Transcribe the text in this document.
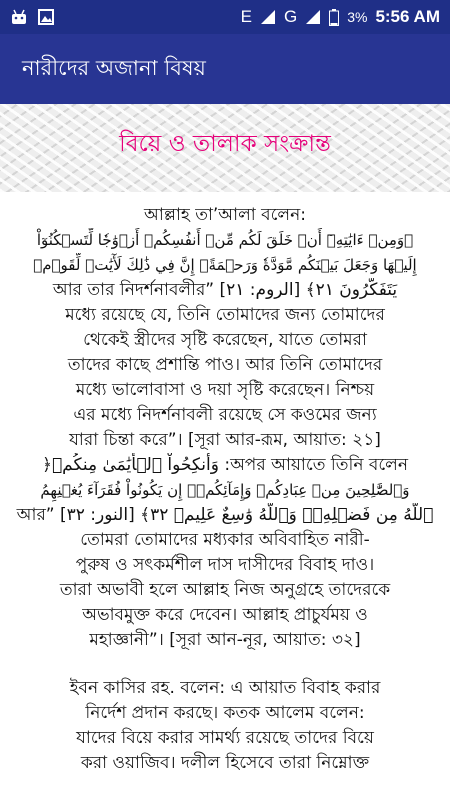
E G	3% 5:56 AM
নারীদের অজানা বিষয়
বিয়ে ও তালাক সংক্রান্ত
আল্লাহ তা’আলা বলেন:
﴿وَمِنۡ ءَايَٰتِهِۦٓ أَنۡ خَلَقَ لَكُم مِّنۡ أَنفُسِكُمۡ أَزۡوَٰجٗا لِّتَسۡكُنُوٓاْ
إِلَيۡهَا وَجَعَلَ بَيۡنَكُم مَّوَدَّةٗ وَرَحۡمَةًۚ إِنَّ فِي ذَٰلِكَ لَأٓيَٰتٖ لِّقَوۡمٖ
আর তার নিদর্শনাবলীর” [الروم: ٢١] ﴾يَتَفَكَّرُونَ ٢١
মধ্যে রয়েছে যে, তিনি তোমাদের জন্য তোমাদের
থেকেই স্ত্রীদের সৃষ্টি করেছেন, যাতে তোমরা
তাদের কাছে প্রশান্তি পাও। আর তিনি তোমাদের
মধ্যে ভালোবাসা ও দয়া সৃষ্টি করেছেন। নিশ্চয়
এর মধ্যে নিদর্শনাবলী রয়েছে সে কওমের জন্য
যারা চিন্তা করে”। [সূরা আর-রূম, আয়াত: ২১]
﴿وَأَنكِحُواْ ٱلۡأَيَٰمَىٰ مِنكُمۡ :অপর আয়াতে তিনি বলেন
وَٱلصَّٰلِحِينَ مِنۡ عِبَادِكُمۡ وَإِمَآئِكُمۡۚ إِن يَكُونُواْ فُقَرَآءَ يُغۡنِهِمُ
আর” [النور: ٣٢] ﴾ٱللَّهُ مِن فَضۡلِهِۦۗ وَٱللَّهُ وَٰسِعٌ عَلِيمٞ ٣٢
তোমরা তোমাদের মধ্যকার অবিবাহিত নারী-
পুরুষ ও সৎকর্মশীল দাস দাসীদের বিবাহ দাও।
তারা অভাবী হলে আল্লাহ নিজ অনুগ্রহে তাদেরকে
অভাবমুক্ত করে দেবেন। আল্লাহ প্রাচুর্যময় ও
মহাজ্ঞানী”। [সূরা আন-নূর, আয়াত: ৩২]
ইবন কাসির রহ. বলেন: এ আয়াত বিবাহ করার
নির্দেশ প্রদান করছে। কতক আলেম বলেন:
যাদের বিয়ে করার সামর্থ্য রয়েছে তাদের বিয়ে
করা ওয়াজিব। দলীল হিসেবে তারা নিম্নোক্ত
